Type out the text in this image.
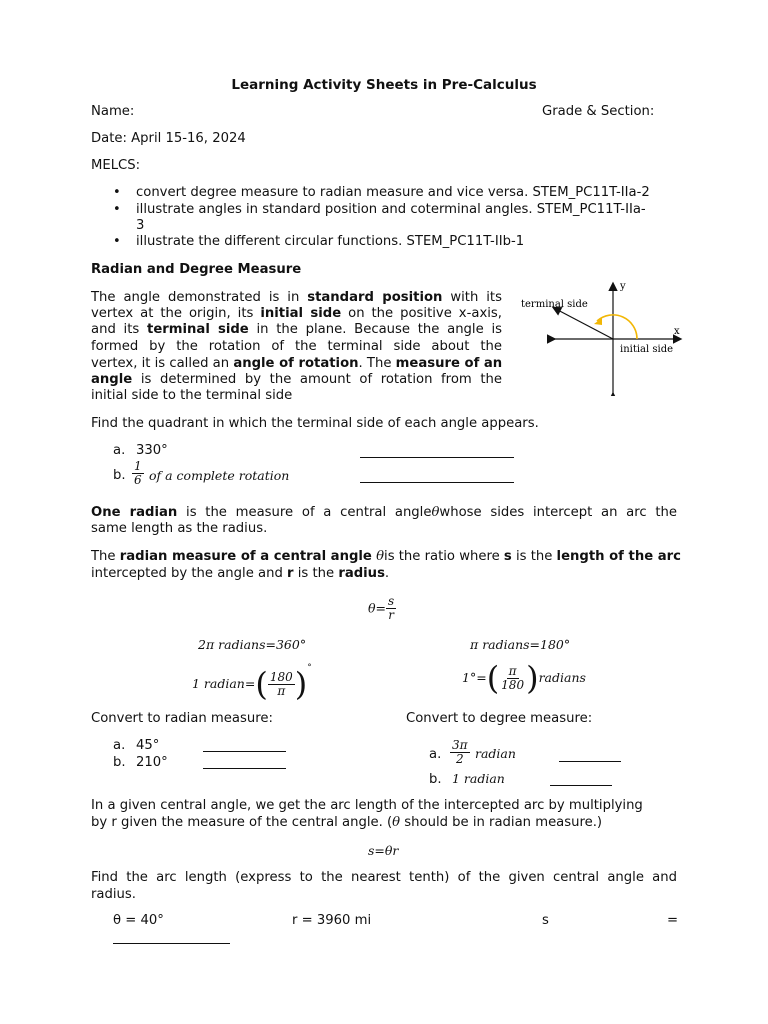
Learning Activity Sheets in Pre-Calculus
Name:	Grade & Section:
Date: April 15-16, 2024
MELCS:
• convert degree measure to radian measure and vice versa. STEM_PC11T-IIa-2
• illustrate angles in standard position and coterminal angles. STEM_PC11T-IIa-
3
• illustrate the different circular functions. STEM_PC11T-IIb-1
Radian and Degree Measure
The angle demonstrated is in standard position with its
vertex at the origin, its initial side on the positive x-axis,
and its terminal side in the plane. Because the angle is
formed by the rotation of the terminal side about the
vertex, it is called an angle of rotation. The measure of an
angle is determined by the amount of rotation from the
initial side to the terminal side
terminal side
initial side
x
y
Find the quadrant in which the terminal side of each angle appears.
a. 330°
b. $\frac{1}{6}$ of a complete rotation
One radian is the measure of a central angleθwhose sides intercept an arc the
same length as the radius.
The radian measure of a central angle θis the ratio where s is the length of the arc
intercepted by the angle and r is the radius.
$\theta= \frac{s}{r}$
2π radians=360°	π radians=180°
1 radian=( $\frac{180}{\pi} )^\circ$
$1^\circ=( \frac{\pi}{180}$ )radians
Convert to radian measure:	Convert to degree measure:
a. 45°
b. 210°
a. $\frac{3\pi}{2}$ radian
b. 1 radian
In a given central angle, we get the arc length of the intercepted arc by multiplying
by r given the measure of the central angle. (θ should be in radian measure.)
s=θr
Find the arc length (express to the nearest tenth) of the given central angle and
radius.
θ = 40°	r = 3960 mi	s	=
